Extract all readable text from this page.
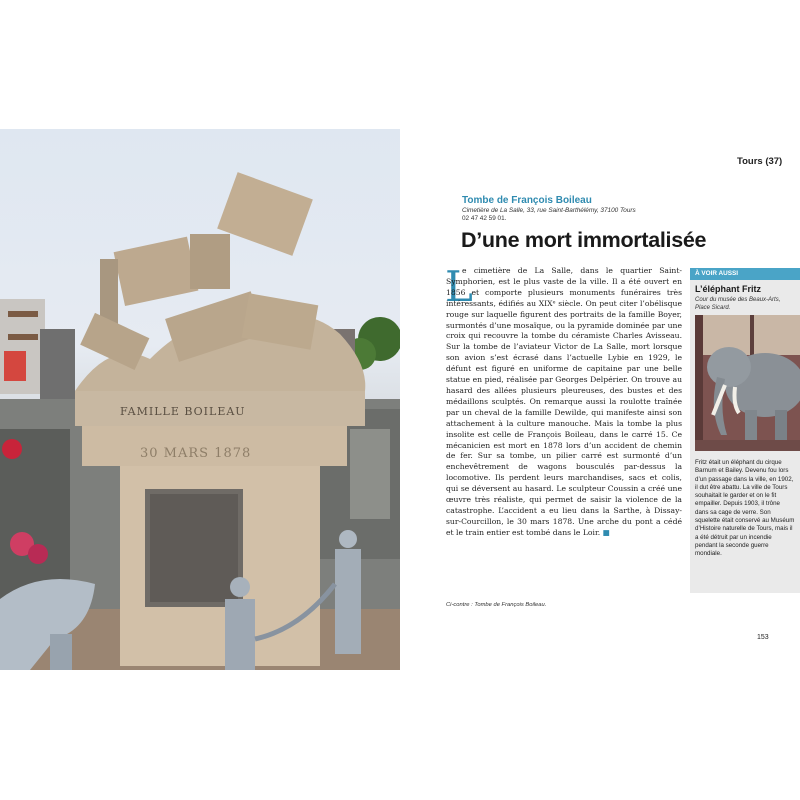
FAMILLE BOILEAU
30 MARS 1878
Tours (37)
Tombe de François Boileau
Cimetière de La Salle, 33, rue Saint-Barthélémy, 37100 Tours
02 47 42 59 01.
D’une mort immortalisée
L

e cimetière de La Salle, dans le quartier Saint-Symphorien, est le plus vaste de la ville. Il a été ouvert en 1856 et comporte plusieurs monuments funéraires très intéressants, édifiés au XIXᵉ siècle. On peut citer l’obélisque rouge sur laquelle figurent des portraits de la famille Boyer, surmontés d’une mosaïque, ou la pyramide dominée par une croix qui recouvre la tombe du céramiste Charles Avisseau. Sur la tombe de l’aviateur Victor de La Salle, mort lorsque son avion s’est écrasé dans l’actuelle Lybie en 1929, le défunt est figuré en uniforme de capitaine par une belle statue en pied, réalisée par Georges Delpérier. On trouve au hasard des allées plusieurs pleureuses, des bustes et des médaillons sculptés. On remarque aussi la roulotte traînée par un cheval de la famille Dewilde, qui manifeste ainsi son attachement à la culture manouche. Mais la tombe la plus insolite est celle de François Boileau, dans le carré 15. Ce mécanicien est mort en 1878 lors d’un accident de chemin de fer. Sur sa tombe, un pilier carré est surmonté d’un enchevêtrement de wagons bousculés par-dessus la locomotive. Ils perdent leurs marchandises, sacs et colis, qui se déversent au hasard. Le sculpteur Coussin a créé une œuvre très réaliste, qui permet de saisir la violence de la catastrophe. L’accident a eu lieu dans la Sarthe, à Dissay-sur-Courcillon, le 30 mars 1878. Une arche du pont a cédé et le train entier est tombé dans le Loir. ■

Ci-contre : Tombe de François Boileau.
153
À VOIR AUSSI
L’éléphant Fritz
Cour du musée des Beaux-Arts, Place Sicard.
Fritz était un éléphant du cirque Barnum et Bailey. Devenu fou lors d’un passage dans la ville, en 1902, il dut être abattu. La ville de Tours souhaitait le garder et on le fit empailler. Depuis 1903, il trône dans sa cage de verre. Son squelette était conservé au Muséum d’Histoire naturelle de Tours, mais il a été détruit par un incendie pendant la seconde guerre mondiale.
